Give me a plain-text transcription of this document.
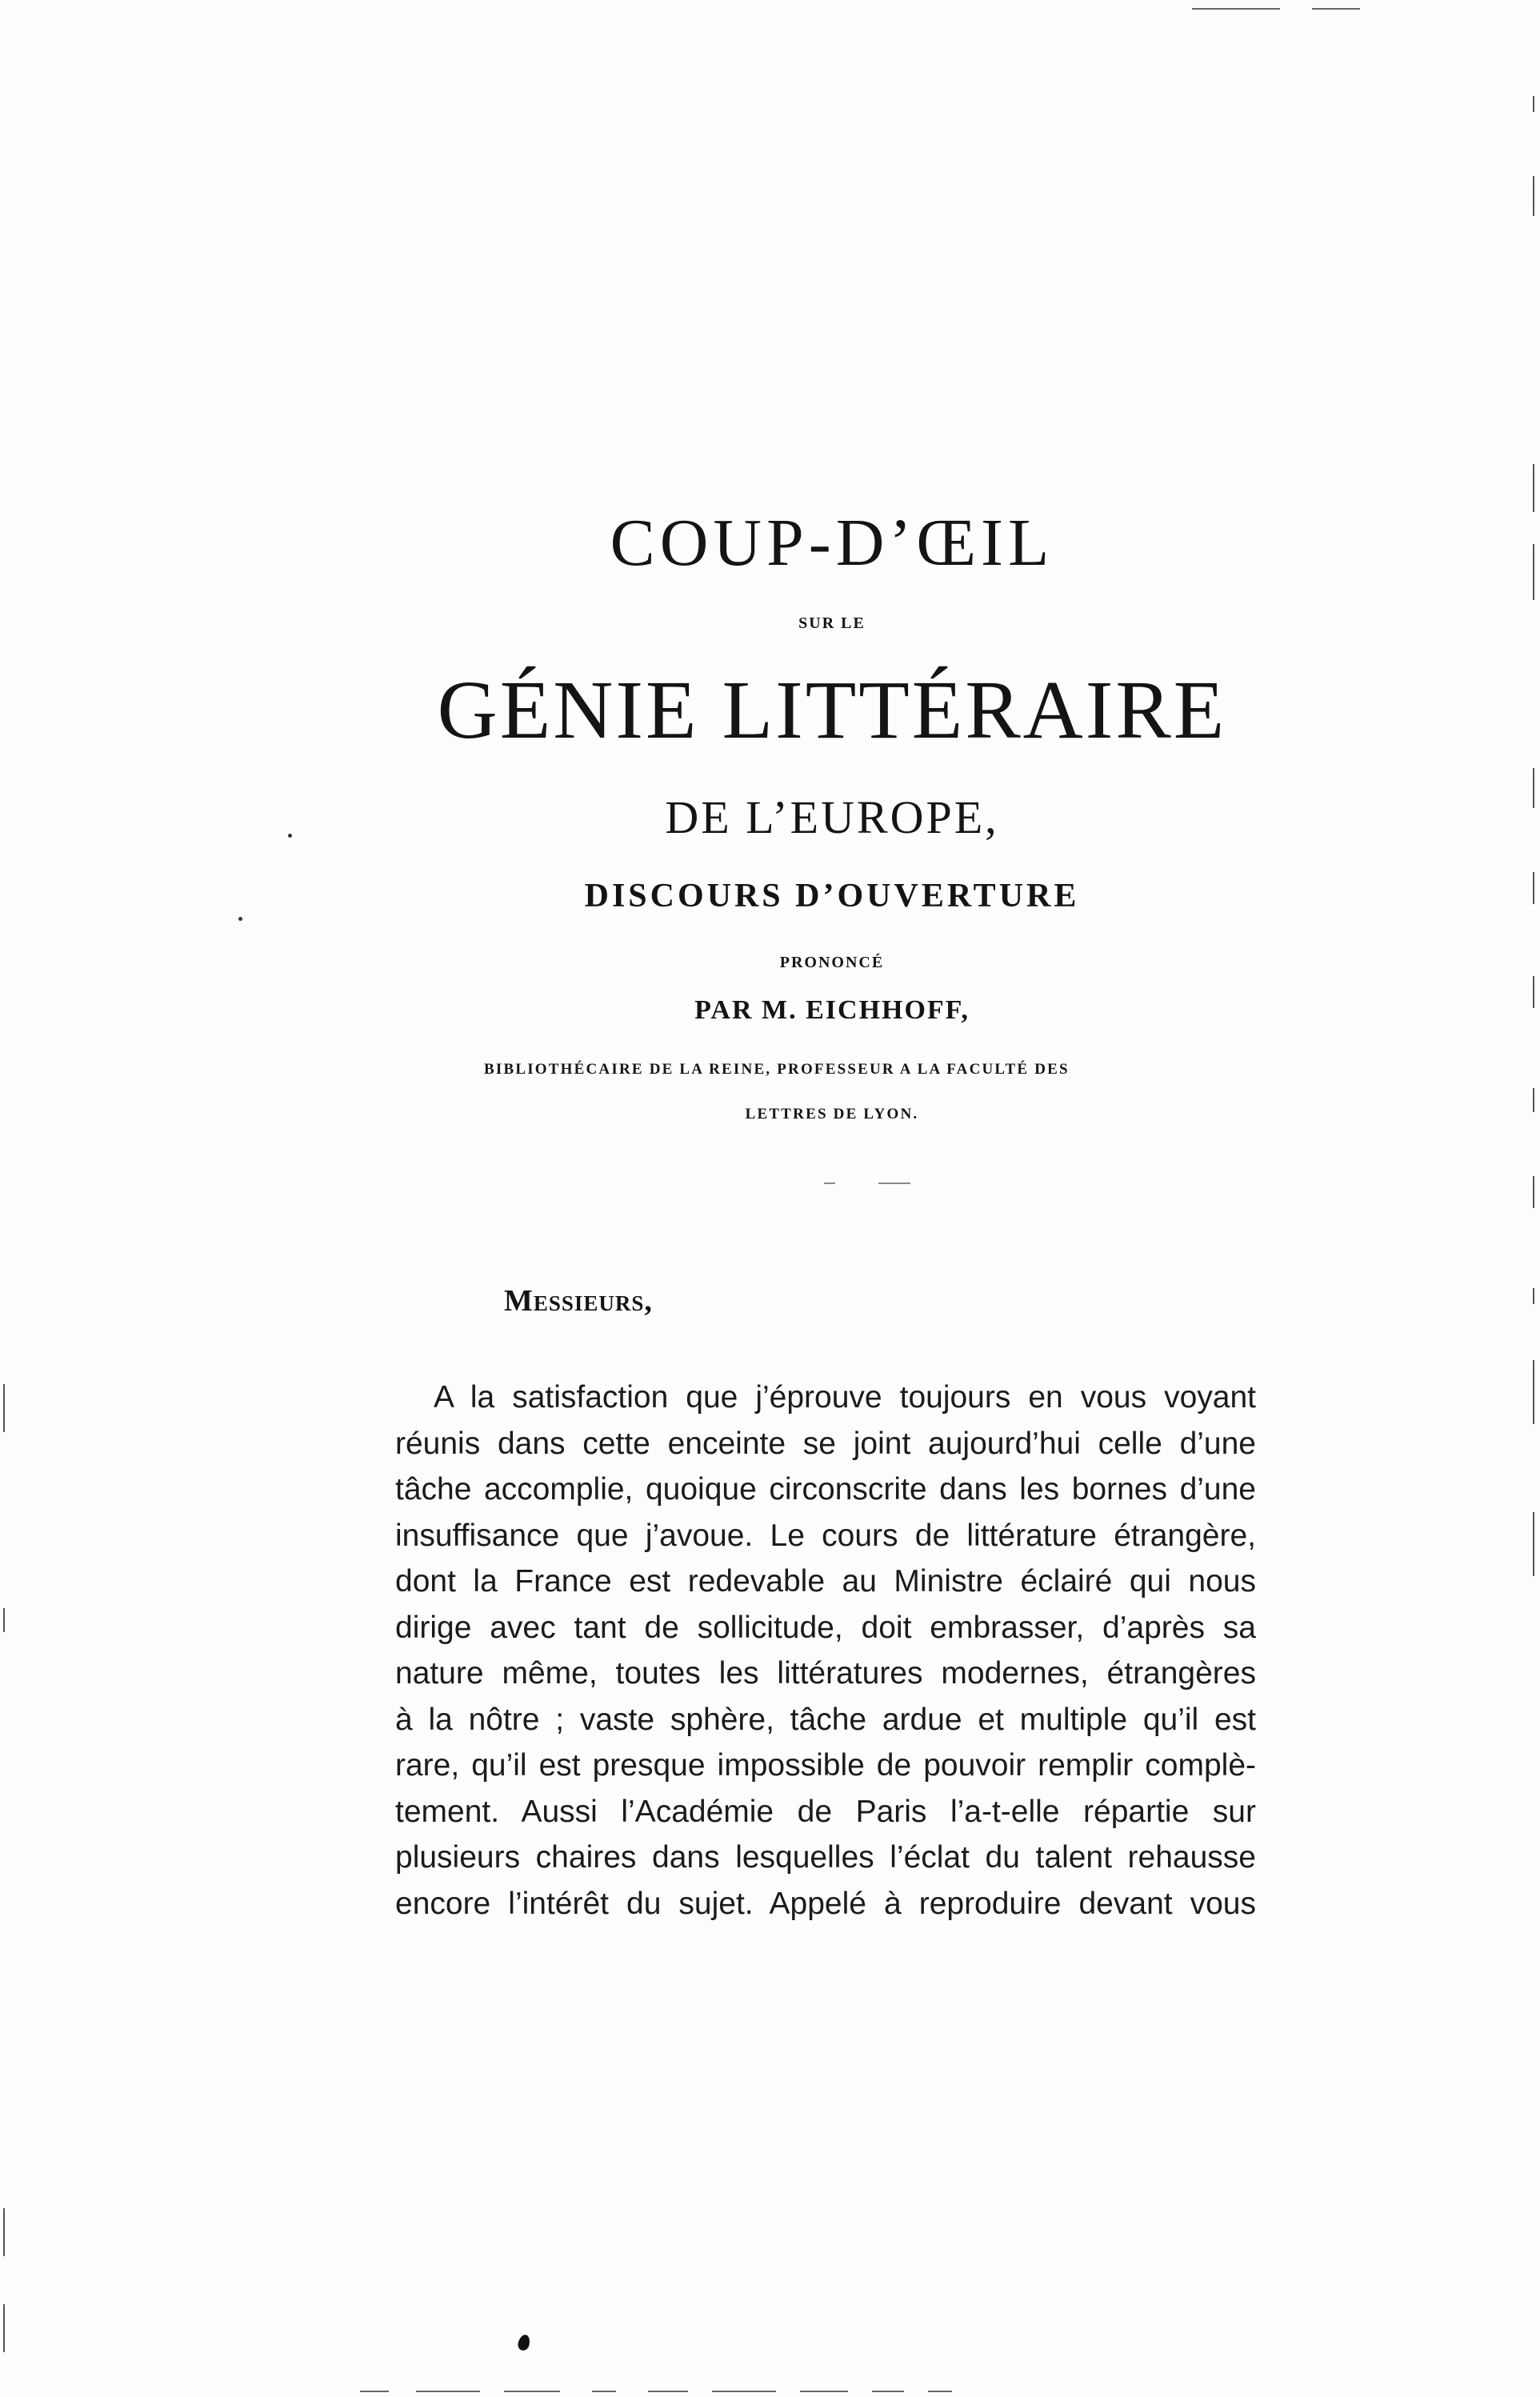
COUP-D’ŒIL
SUR LE
GÉNIE LITTÉRAIRE
DE L’EUROPE,
DISCOURS D’OUVERTURE
PRONONCÉ
PAR M. EICHHOFF,
BIBLIOTHÉCAIRE DE LA REINE, PROFESSEUR A LA FACULTÉ DES
LETTRES DE LYON.
Messieurs,
A la satisfaction que j’éprouve toujours en vous voyant
réunis dans cette enceinte se joint aujourd’hui celle d’une
tâche accomplie, quoique circonscrite dans les bornes d’une
insuffisance que j’avoue. Le cours de littérature étrangère,
dont la France est redevable au Ministre éclairé qui nous
dirige avec tant de sollicitude, doit embrasser, d’après sa
nature même, toutes les littératures modernes, étrangères
à la nôtre ; vaste sphère, tâche ardue et multiple qu’il est
rare, qu’il est presque impossible de pouvoir remplir complè-
tement. Aussi l’Académie de Paris l’a-t-elle répartie sur
plusieurs chaires dans lesquelles l’éclat du talent rehausse
encore l’intérêt du sujet. Appelé à reproduire devant vous
